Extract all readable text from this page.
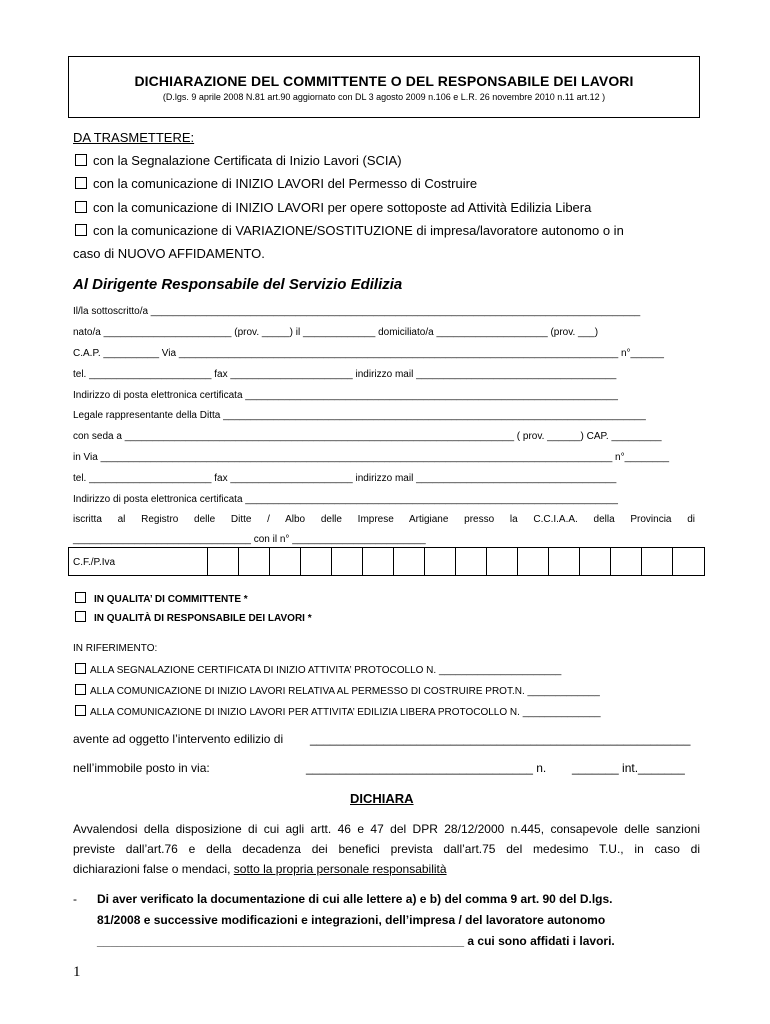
DICHIARAZIONE DEL COMMITTENTE O DEL RESPONSABILE DEI LAVORI
(D.lgs. 9 aprile 2008 N.81 art.90 aggiornato con DL 3 agosto 2009 n.106 e L.R. 26 novembre 2010 n.11 art.12 )
DA TRASMETTERE:
con la Segnalazione Certificata di Inizio Lavori (SCIA)
con la comunicazione di INIZIO LAVORI del Permesso di Costruire
con la comunicazione di INIZIO LAVORI per opere sottoposte ad Attività Edilizia Libera
con la comunicazione di VARIAZIONE/SOSTITUZIONE di impresa/lavoratore autonomo o in
caso di NUOVO AFFIDAMENTO.
Al Dirigente Responsabile del Servizio Edilizia
Il/la sottoscritto/a ________________________________________________________________________________________
nato/a _______________________ (prov. _____) il _____________ domiciliato/a ____________________ (prov. ___)
C.A.P. __________ Via _______________________________________________________________________________ n°______
tel. ______________________ fax ______________________ indirizzo mail ____________________________________
Indirizzo di posta elettronica certificata ___________________________________________________________________
Legale rappresentante della Ditta ____________________________________________________________________________
con seda a ______________________________________________________________________ ( prov. ______) CAP. _________
in Via ____________________________________________________________________________________________ n°________
tel. ______________________ fax ______________________ indirizzo mail ____________________________________
Indirizzo di posta elettronica certificata ___________________________________________________________________
iscritta al Registro delle Ditte / Albo delle Imprese Artigiane presso la C.C.I.A.A. della Provincia di
________________________________ con il n° ________________________
C.F./P.Iva
IN QUALITA’ DI COMMITTENTE *
IN QUALITÀ DI RESPONSABILE DEI LAVORI *
IN RIFERIMENTO:
ALLA SEGNALAZIONE CERTIFICATA DI INIZIO ATTIVITA’ PROTOCOLLO N. ______________________
ALLA COMUNICAZIONE DI INIZIO LAVORI RELATIVA AL PERMESSO DI COSTRUIRE PROT.N. _____________
ALLA COMUNICAZIONE DI INIZIO LAVORI PER ATTIVITA’ EDILIZIA LIBERA PROTOCOLLO N. ______________
avente ad oggetto l’intervento edilizio di _________________________________________________________
nell’immobile posto in via:	__________________________________ n. _______ int._______
DICHIARA
Avvalendosi della disposizione di cui agli artt. 46 e 47 del DPR 28/12/2000 n.445, consapevole delle sanzioni
previste dall’art.76 e della decadenza dei benefici prevista dall’art.75 del medesimo T.U., in caso di
dichiarazioni false o mendaci, sotto la propria personale responsabilità
- Di aver verificato la documentazione di cui alle lettere a) e b) del comma 9 art. 90 del D.lgs.
81/2008 e successive modificazioni e integrazioni, dell’impresa / del lavoratore autonomo
_______________________________________________________ a cui sono affidati i lavori.
1
